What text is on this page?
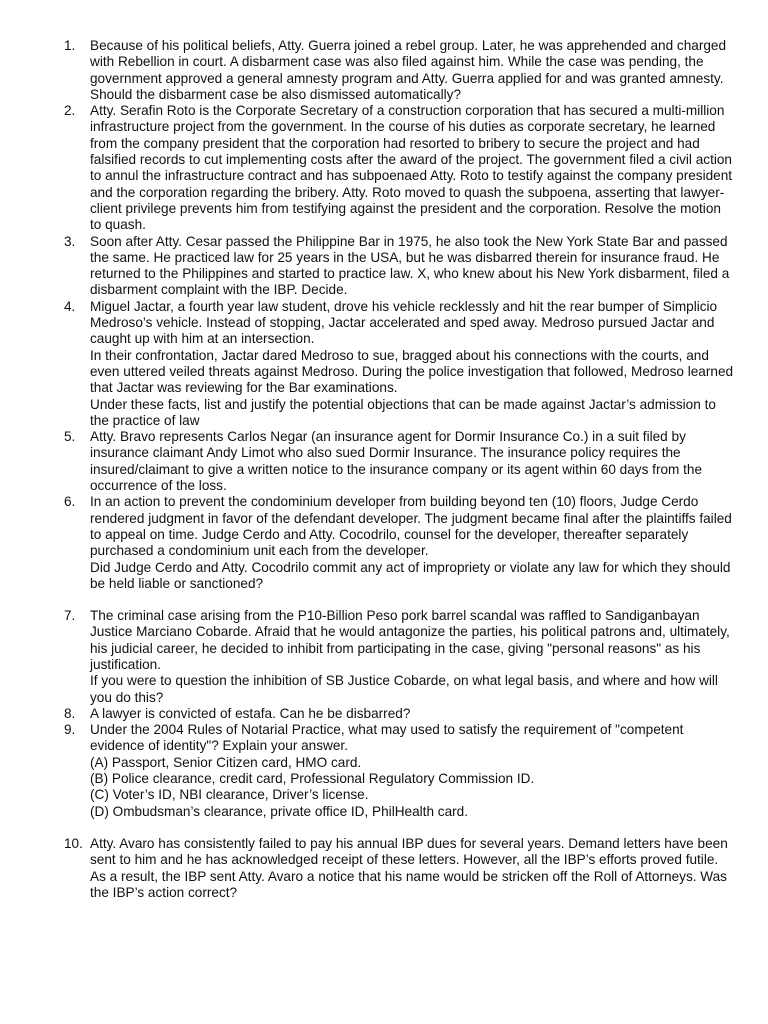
1.	Because of his political beliefs, Atty. Guerra joined a rebel group. Later, he was apprehended and charged with Rebellion in court. A disbarment case was also filed against him. While the case was pending, the government approved a general amnesty program and Atty. Guerra applied for and was granted amnesty. Should the disbarment case be also dismissed automatically?
2.	Atty. Serafin Roto is the Corporate Secretary of a construction corporation that has secured a multi-million infrastructure project from the government. In the course of his duties as corporate secretary, he learned from the company president that the corporation had resorted to bribery to secure the project and had falsified records to cut implementing costs after the award of the project. The government filed a civil action to annul the infrastructure contract and has subpoenaed Atty. Roto to testify against the company president and the corporation regarding the bribery. Atty. Roto moved to quash the subpoena, asserting that lawyer-client privilege prevents him from testifying against the president and the corporation. Resolve the motion to quash.
3.	Soon after Atty. Cesar passed the Philippine Bar in 1975, he also took the New York State Bar and passed the same. He practiced law for 25 years in the USA, but he was disbarred therein for insurance fraud. He returned to the Philippines and started to practice law. X, who knew about his New York disbarment, filed a disbarment complaint with the IBP. Decide.
4.	Miguel Jactar, a fourth year law student, drove his vehicle recklessly and hit the rear bumper of Simplicio Medroso’s vehicle. Instead of stopping, Jactar accelerated and sped away. Medroso pursued Jactar and caught up with him at an intersection.
In their confrontation, Jactar dared Medroso to sue, bragged about his connections with the courts, and even uttered veiled threats against Medroso. During the police investigation that followed, Medroso learned that Jactar was reviewing for the Bar examinations.
Under these facts, list and justify the potential objections that can be made against Jactar’s admission to the practice of law
5.	Atty. Bravo represents Carlos Negar (an insurance agent for Dormir Insurance Co.) in a suit filed by insurance claimant Andy Limot who also sued Dormir Insurance. The insurance policy requires the insured/claimant to give a written notice to the insurance company or its agent within 60 days from the occurrence of the loss.
6.	In an action to prevent the condominium developer from building beyond ten (10) floors, Judge Cerdo rendered judgment in favor of the defendant developer. The judgment became final after the plaintiffs failed to appeal on time. Judge Cerdo and Atty. Cocodrilo, counsel for the developer, thereafter separately purchased a condominium unit each from the developer.
Did Judge Cerdo and Atty. Cocodrilo commit any act of impropriety or violate any law for which they should be held liable or sanctioned?
7.	The criminal case arising from the P10-Billion Peso pork barrel scandal was raffled to Sandiganbayan Justice Marciano Cobarde. Afraid that he would antagonize the parties, his political patrons and, ultimately, his judicial career, he decided to inhibit from participating in the case, giving "personal reasons" as his justification.
If you were to question the inhibition of SB Justice Cobarde, on what legal basis, and where and how will you do this?
8.	A lawyer is convicted of estafa. Can he be disbarred?
9.	Under the 2004 Rules of Notarial Practice, what may used to satisfy the requirement of "competent evidence of identity"? Explain your answer.
(A) Passport, Senior Citizen card, HMO card.
(B) Police clearance, credit card, Professional Regulatory Commission ID.
(C) Voter’s ID, NBI clearance, Driver’s license.
(D) Ombudsman’s clearance, private office ID, PhilHealth card.
10. Atty. Avaro has consistently failed to pay his annual IBP dues for several years. Demand letters have been sent to him and he has acknowledged receipt of these letters. However, all the IBP’s efforts proved futile. As a result, the IBP sent Atty. Avaro a notice that his name would be stricken off the Roll of Attorneys. Was the IBP’s action correct?
